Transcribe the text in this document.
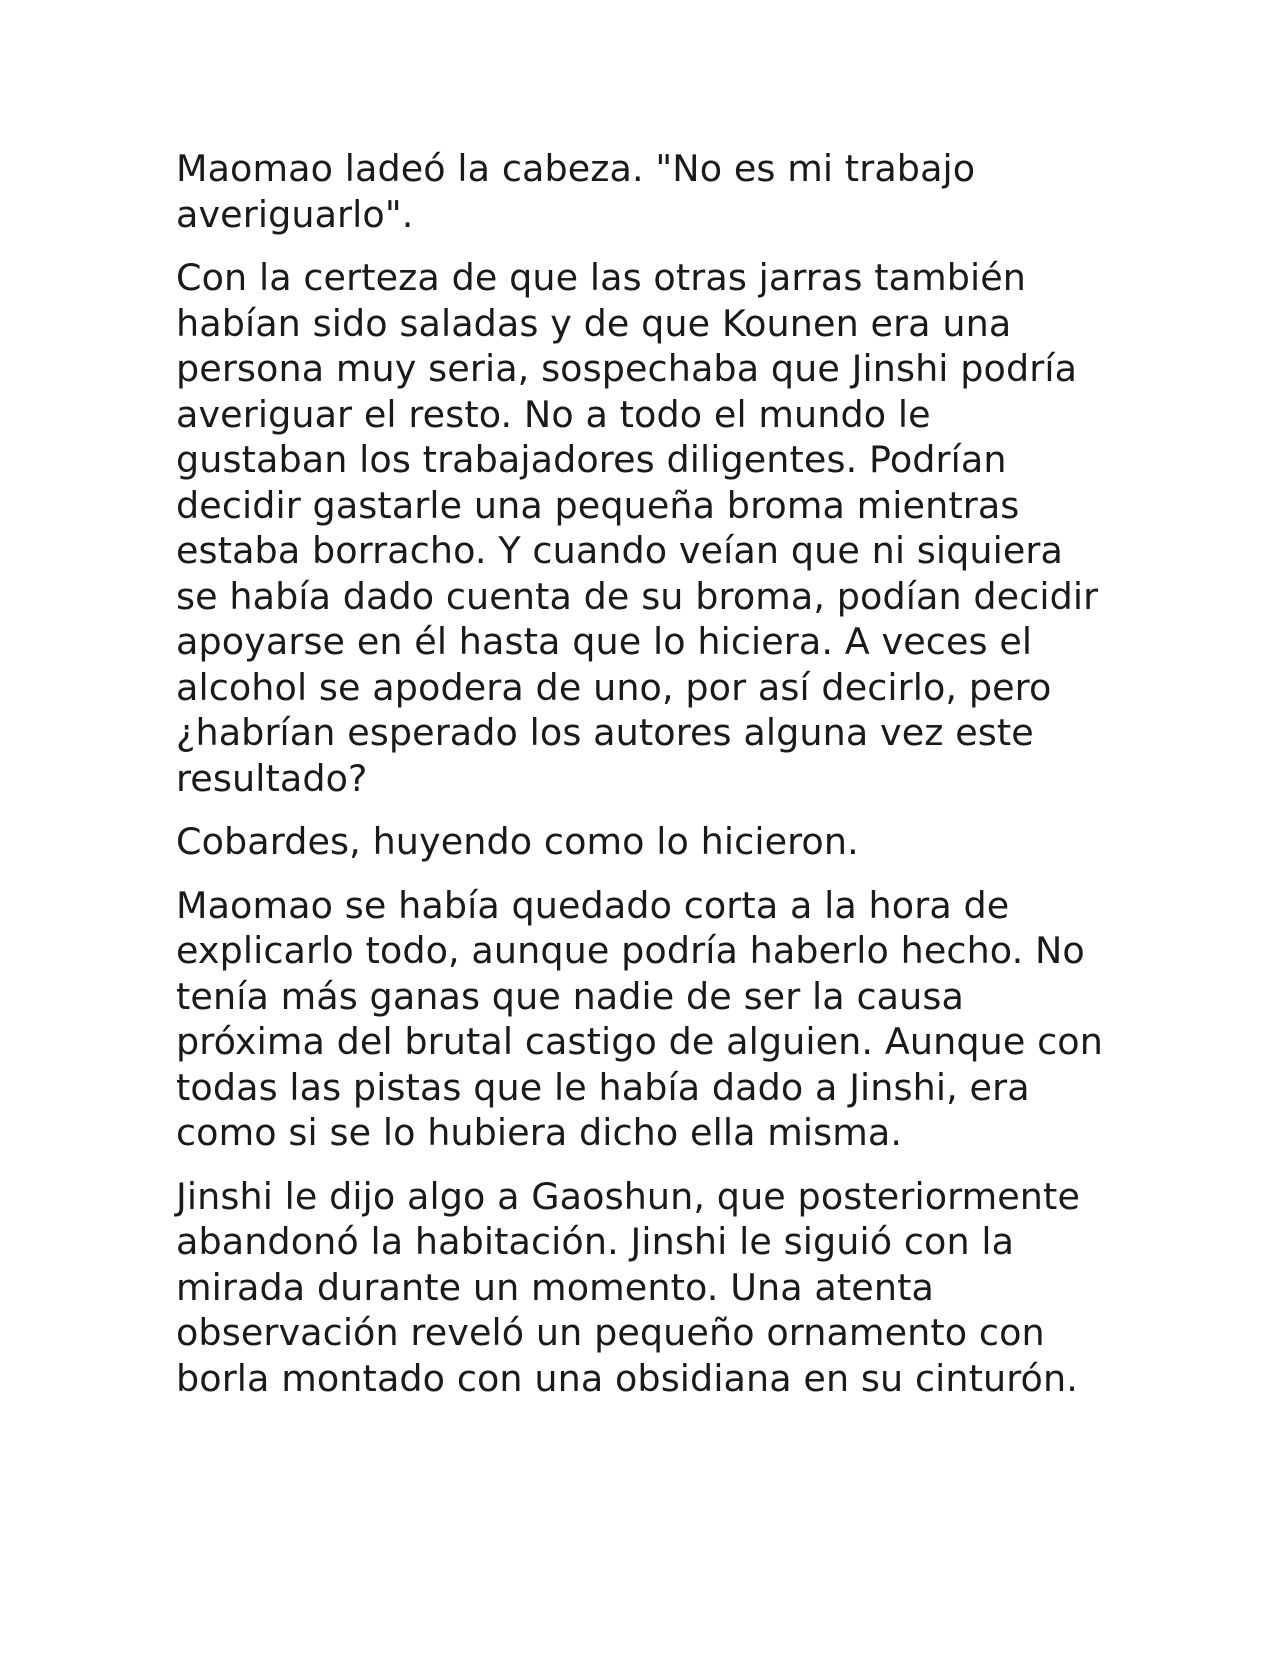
Maomao ladeó la cabeza. "No es mi trabajo averiguarlo".

Con la certeza de que las otras jarras también habían sido saladas y de que Kounen era una persona muy seria, sospechaba que Jinshi podría averiguar el resto. No a todo el mundo le gustaban los trabajadores diligentes. Podrían decidir gastarle una pequeña broma mientras estaba borracho. Y cuando veían que ni siquiera se había dado cuenta de su broma, podían decidir apoyarse en él hasta que lo hiciera. A veces el alcohol se apodera de uno, por así decirlo, pero ¿habrían esperado los autores alguna vez este resultado?

Cobardes, huyendo como lo hicieron.

Maomao se había quedado corta a la hora de explicarlo todo, aunque podría haberlo hecho. No tenía más ganas que nadie de ser la causa próxima del brutal castigo de alguien. Aunque con todas las pistas que le había dado a Jinshi, era como si se lo hubiera dicho ella misma.

Jinshi le dijo algo a Gaoshun, que posteriormente abandonó la habitación. Jinshi le siguió con la mirada durante un momento. Una atenta observación reveló un pequeño ornamento con borla montado con una obsidiana en su cinturón.
